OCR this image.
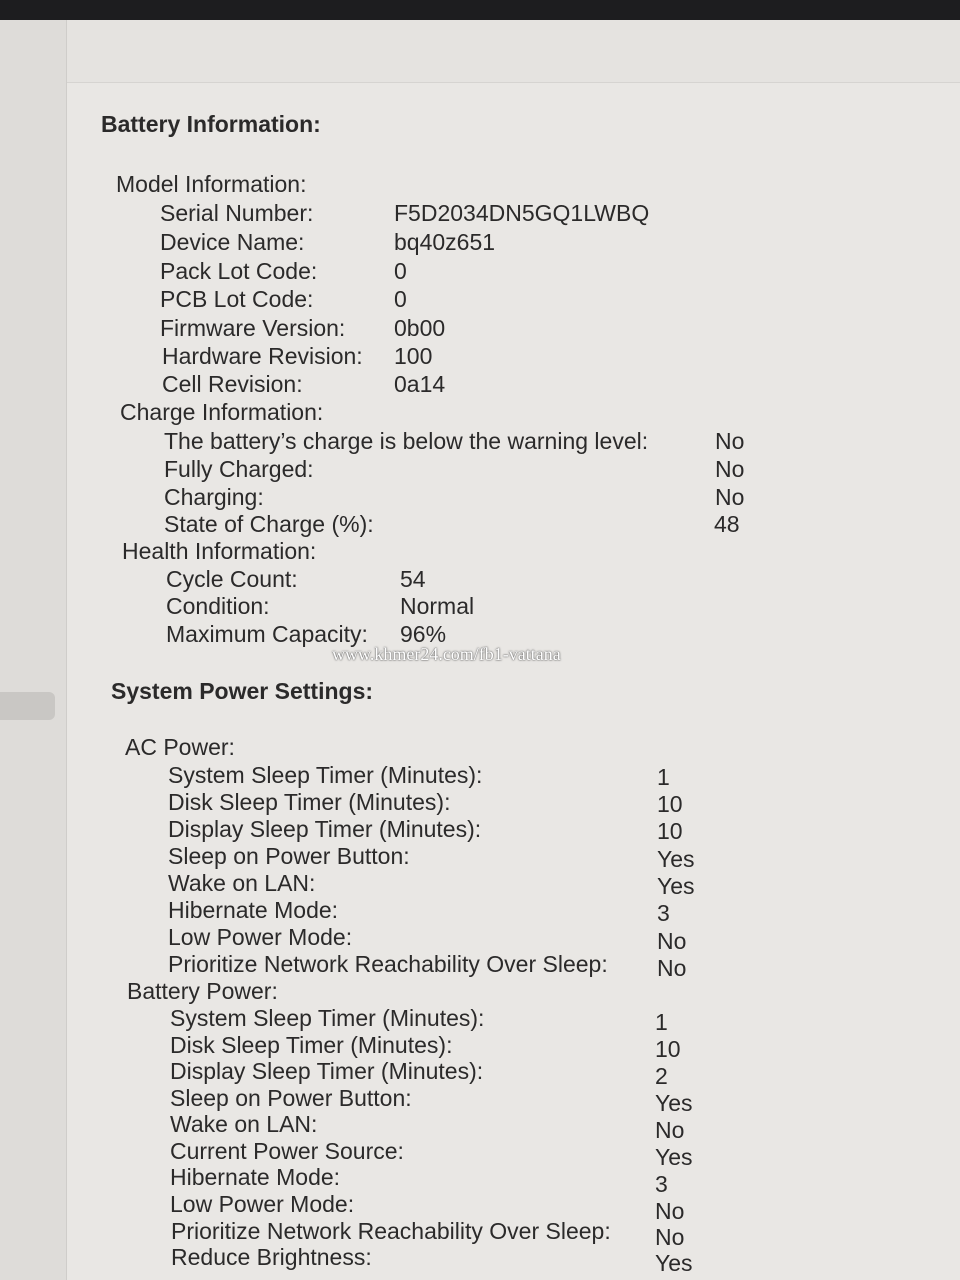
Battery Information:
Model Information:
Serial Number:	F5D2034DN5GQ1LWBQ
Device Name:	bq40z651
Pack Lot Code:	0
PCB Lot Code:	0
Firmware Version: 0b00
Hardware Revision: 100
Cell Revision:	0a14
Charge Information:
The battery’s charge is below the warning level:	No
Fully Charged:	No
Charging:	No
State of Charge (%):	48
Health Information:
Cycle Count:	54
Condition:	Normal
Maximum Capacity: 96%
System Power Settings:
AC Power:
System Sleep Timer (Minutes):	1
Disk Sleep Timer (Minutes):	10
Display Sleep Timer (Minutes):	10
Sleep on Power Button:	Yes
Wake on LAN:	Yes
Hibernate Mode:	3
Low Power Mode:	No
Prioritize Network Reachability Over Sleep: No
Battery Power:
System Sleep Timer (Minutes):	1
Disk Sleep Timer (Minutes):	10
Display Sleep Timer (Minutes):	2
Sleep on Power Button:	Yes
Wake on LAN:	No
Current Power Source:	Yes
Hibernate Mode:	3
Low Power Mode:	No
Prioritize Network Reachability Over Sleep: No
Reduce Brightness:	Yes
www.khmer24.com/fb1-vattana
